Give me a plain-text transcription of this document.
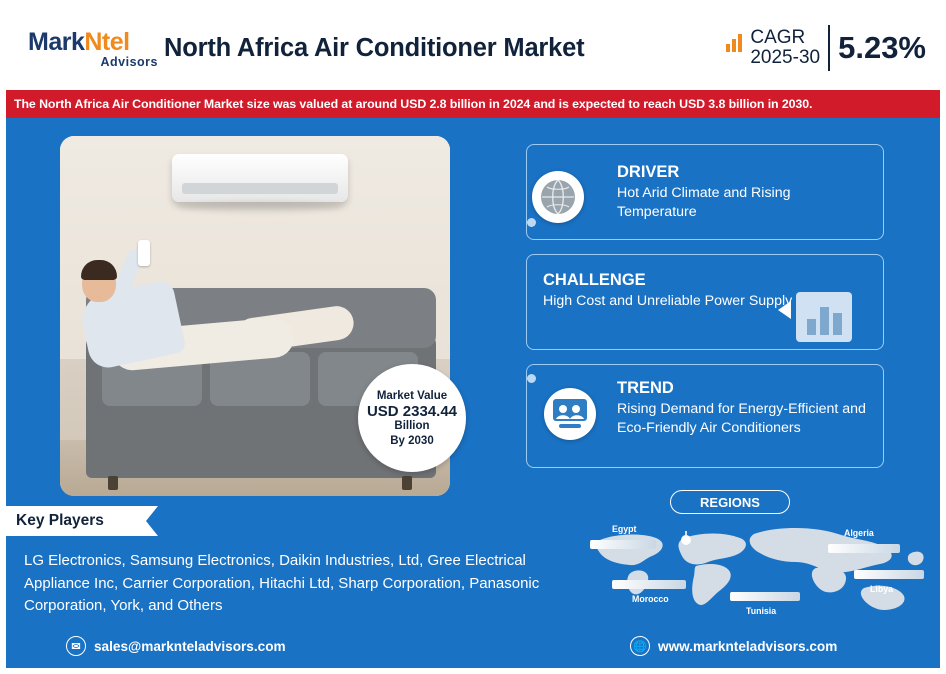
MarkNtel
Advisors North Africa Air Conditioner Market	CAGR
2025-30 5.23%
The North Africa Air Conditioner Market size was valued at around USD 2.8 billion in 2024 and is expected to reach USD 3.8 billion in 2030.
Market Value
USD 2334.44
Billion
By 2030
DRIVER
Hot Arid Climate and Rising Temperature
CHALLENGE
High Cost and Unreliable Power Supply
TREND
Rising Demand for Energy-Efficient and Eco-Friendly Air Conditioners
Key Players
LG Electronics, Samsung Electronics, Daikin Industries, Ltd, Gree Electrical Appliance Inc, Carrier Corporation, Hitachi Ltd, Sharp Corporation, Panasonic Corporation, York, and Others
REGIONS
Egypt	Algeria
Morocco
Tunisia
Libya
✉ sales@marknteladvisors.com	🌐 www.marknteladvisors.com
